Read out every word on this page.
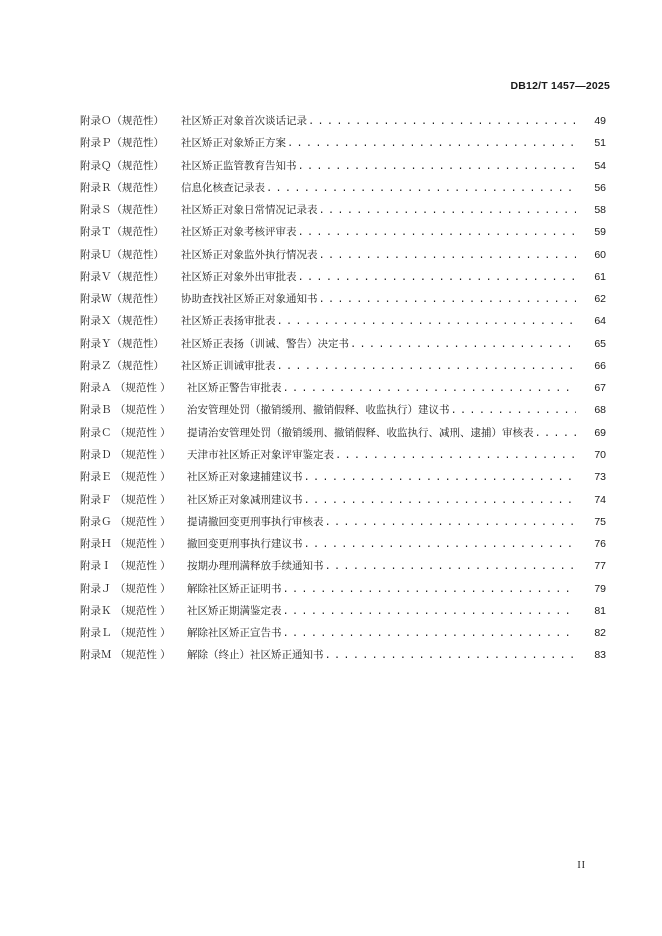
DB12/T 1457—2025
附录Ｏ（规范性） 社区矫正对象首次谈话记录 . . .	49
附录Ｐ（规范性） 社区矫正对象矫正方案 . . .	51
附录Ｑ（规范性） 社区矫正监管教育告知书 . . .	54
附录Ｒ（规范性） 信息化核查记录表 . . .	56
附录Ｓ（规范性） 社区矫正对象日常情况记录表 . . .	58
附录Ｔ（规范性） 社区矫正对象考核评审表 . . .	59
附录Ｕ（规范性） 社区矫正对象监外执行情况表 . . .	60
附录Ｖ（规范性） 社区矫正对象外出审批表 . . .	61
附录Ｗ（规范性） 协助查找社区矫正对象通知书 . . .	62
附录Ｘ（规范性） 社区矫正表扬审批表 . . .	64
附录Ｙ（规范性） 社区矫正表扬（训诫、警告）决定书 . . .	65
附录Ｚ（规范性） 社区矫正训诫审批表 . . .	66
附录Ａ （规范性 ） 社区矫正警告审批表 . . .	67
附录Ｂ （规范性 ） 治安管理处罚（撤销缓刑、撤销假释、收监执行）建议书 . . .	68
附录Ｃ （规范性 ） 提请治安管理处罚（撤销缓刑、撤销假释、收监执行、减刑、逮捕）审核表 . . .	69
附录Ｄ （规范性 ） 天津市社区矫正对象评审鉴定表 . . .	70
附录Ｅ （规范性 ） 社区矫正对象逮捕建议书 . . .	73
附录Ｆ （规范性 ） 社区矫正对象减刑建议书 . . .	74
附录Ｇ （规范性 ） 提请撤回变更刑事执行审核表 . . .	75
附录Ｈ （规范性 ） 撤回变更刑事执行建议书 . . .	76
附录Ｉ （规范性 ） 按期办理刑满释放手续通知书 . . .	77
附录Ｊ （规范性 ） 解除社区矫正证明书 . . .	79
附录Ｋ （规范性 ） 社区矫正期满鉴定表 . . .	81
附录Ｌ （规范性 ） 解除社区矫正宣告书 . . .	82
附录Ｍ （规范性 ） 解除（终止）社区矫正通知书 . . .	83
II
